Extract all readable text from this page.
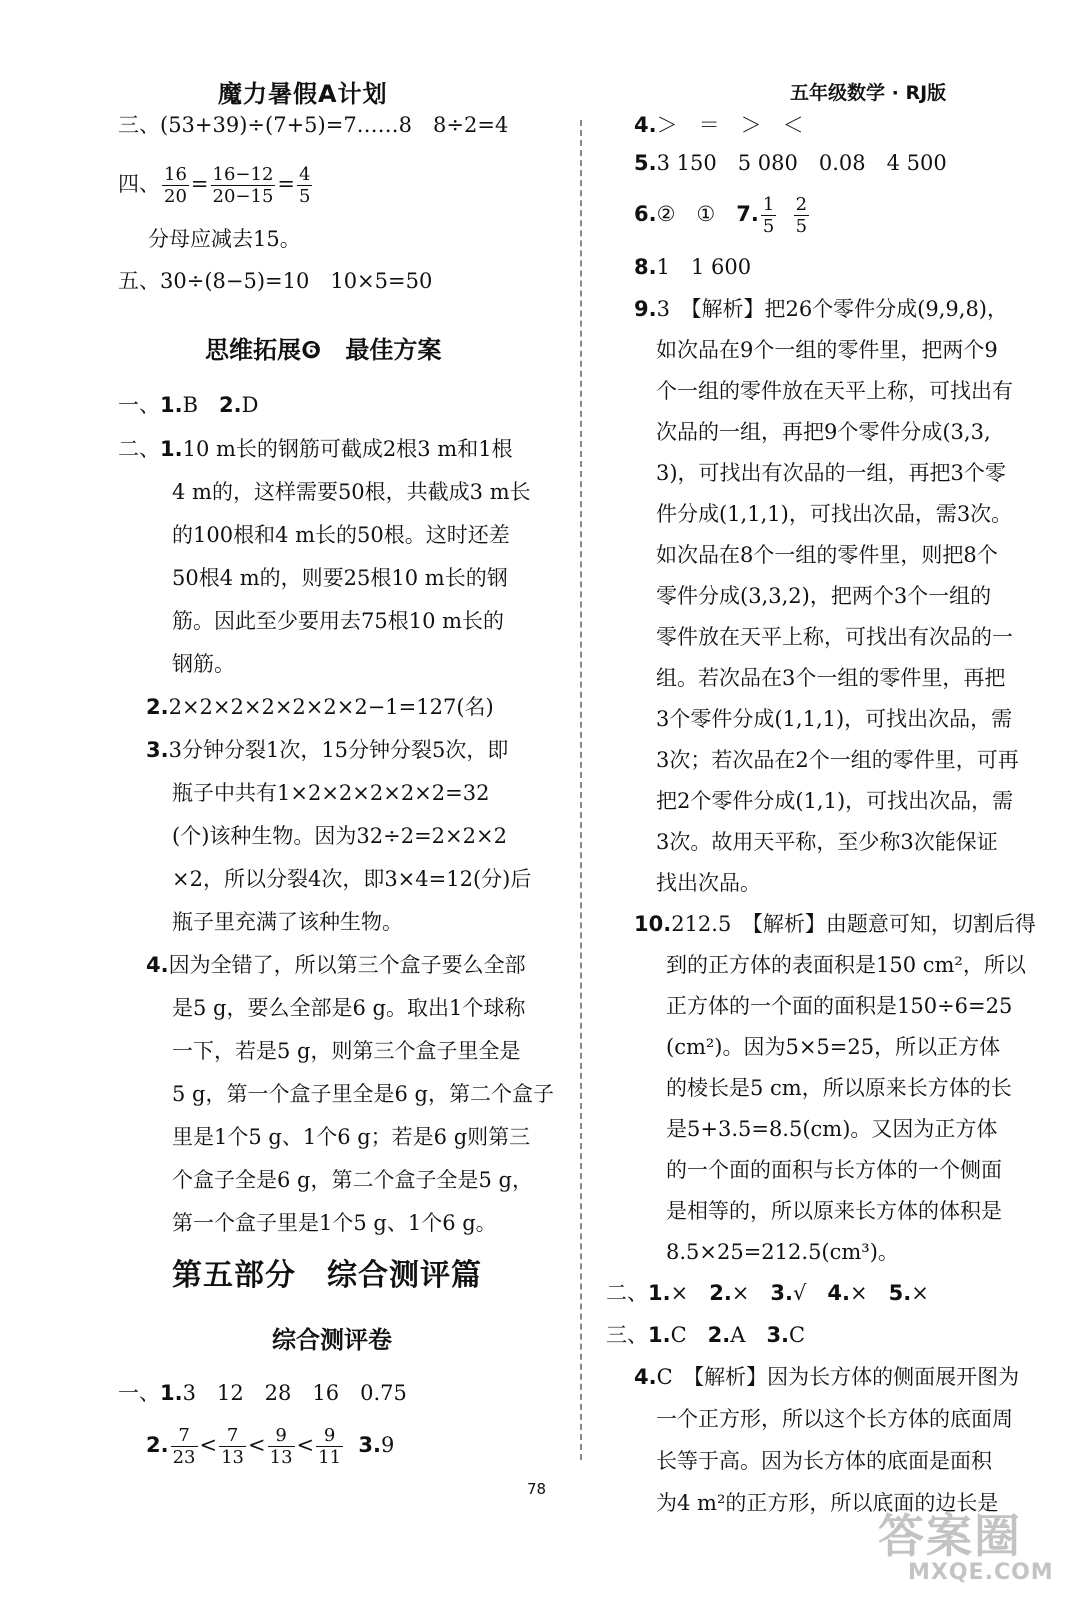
魔力暑假A计划	五年级数学 · RJ版
三、(53+39)÷(7+5)=7……8　8÷2=4
四、 $\frac{16}{20} = \frac{16-12}{20-15} = \frac{4}{5}$
分母应减去15。
五、30÷(8−5)=10　10×5=50
思维拓展❻　最佳方案
一、1.B　2.D
二、1.10 m长的钢筋可截成2根3 m和1根
4 m的，这样需要50根，共截成3 m长
的100根和4 m长的50根。这时还差
50根4 m的，则要25根10 m长的钢
筋。因此至少要用去75根10 m长的
钢筋。
2.2×2×2×2×2×2×2−1=127(名)
3.3分钟分裂1次，15分钟分裂5次，即
瓶子中共有1×2×2×2×2×2=32
(个)该种生物。因为32÷2=2×2×2
×2，所以分裂4次，即3×4=12(分)后
瓶子里充满了该种生物。
4.因为全错了，所以第三个盒子要么全部
是5 g，要么全部是6 g。取出1个球称
一下，若是5 g，则第三个盒子里全是
5 g，第一个盒子里全是6 g，第二个盒子
里是1个5 g、1个6 g；若是6 g则第三
个盒子全是6 g，第二个盒子全是5 g，
第一个盒子里是1个5 g、1个6 g。
第五部分　综合测评篇
综合测评卷
一、1.3　12　28　16　0.75
2. $\frac{7}{23} < \frac{7}{13} < \frac{9}{13} < \frac{9}{11} 3.9$
4.＞　＝　＞　＜
5.3 150　5 080　0.08　4 500
6.②　①　7. $\frac{1}{5}$
$\frac{2}{5}$
8.1　1 600
9.3　【解析】把26个零件分成(9,9,8)，
如次品在9个一组的零件里，把两个9
个一组的零件放在天平上称，可找出有
次品的一组，再把9个零件分成(3,3,
3)，可找出有次品的一组，再把3个零
件分成(1,1,1)，可找出次品，需3次。
如次品在8个一组的零件里，则把8个
零件分成(3,3,2)，把两个3个一组的
零件放在天平上称，可找出有次品的一
组。若次品在3个一组的零件里，再把
3个零件分成(1,1,1)，可找出次品，需
3次；若次品在2个一组的零件里，可再
把2个零件分成(1,1)，可找出次品，需
3次。故用天平称，至少称3次能保证
找出次品。
10.212.5　【解析】由题意可知，切割后得
到的正方体的表面积是150 cm²，所以
正方体的一个面的面积是150÷6=25
(cm²)。因为5×5=25，所以正方体
的棱长是5 cm，所以原来长方体的长
是5+3.5=8.5(cm)。又因为正方体
的一个面的面积与长方体的一个侧面
是相等的，所以原来长方体的体积是
8.5×25=212.5(cm³)。
二、1.×　2.×　3.√　4.×　5.×
三、1.C　2.A　3.C
4.C　【解析】因为长方体的侧面展开图为
一个正方形，所以这个长方体的底面周
长等于高。因为长方体的底面是面积
为4 m²的正方形，所以底面的边长是
78
答案圈
MXQE.COM
